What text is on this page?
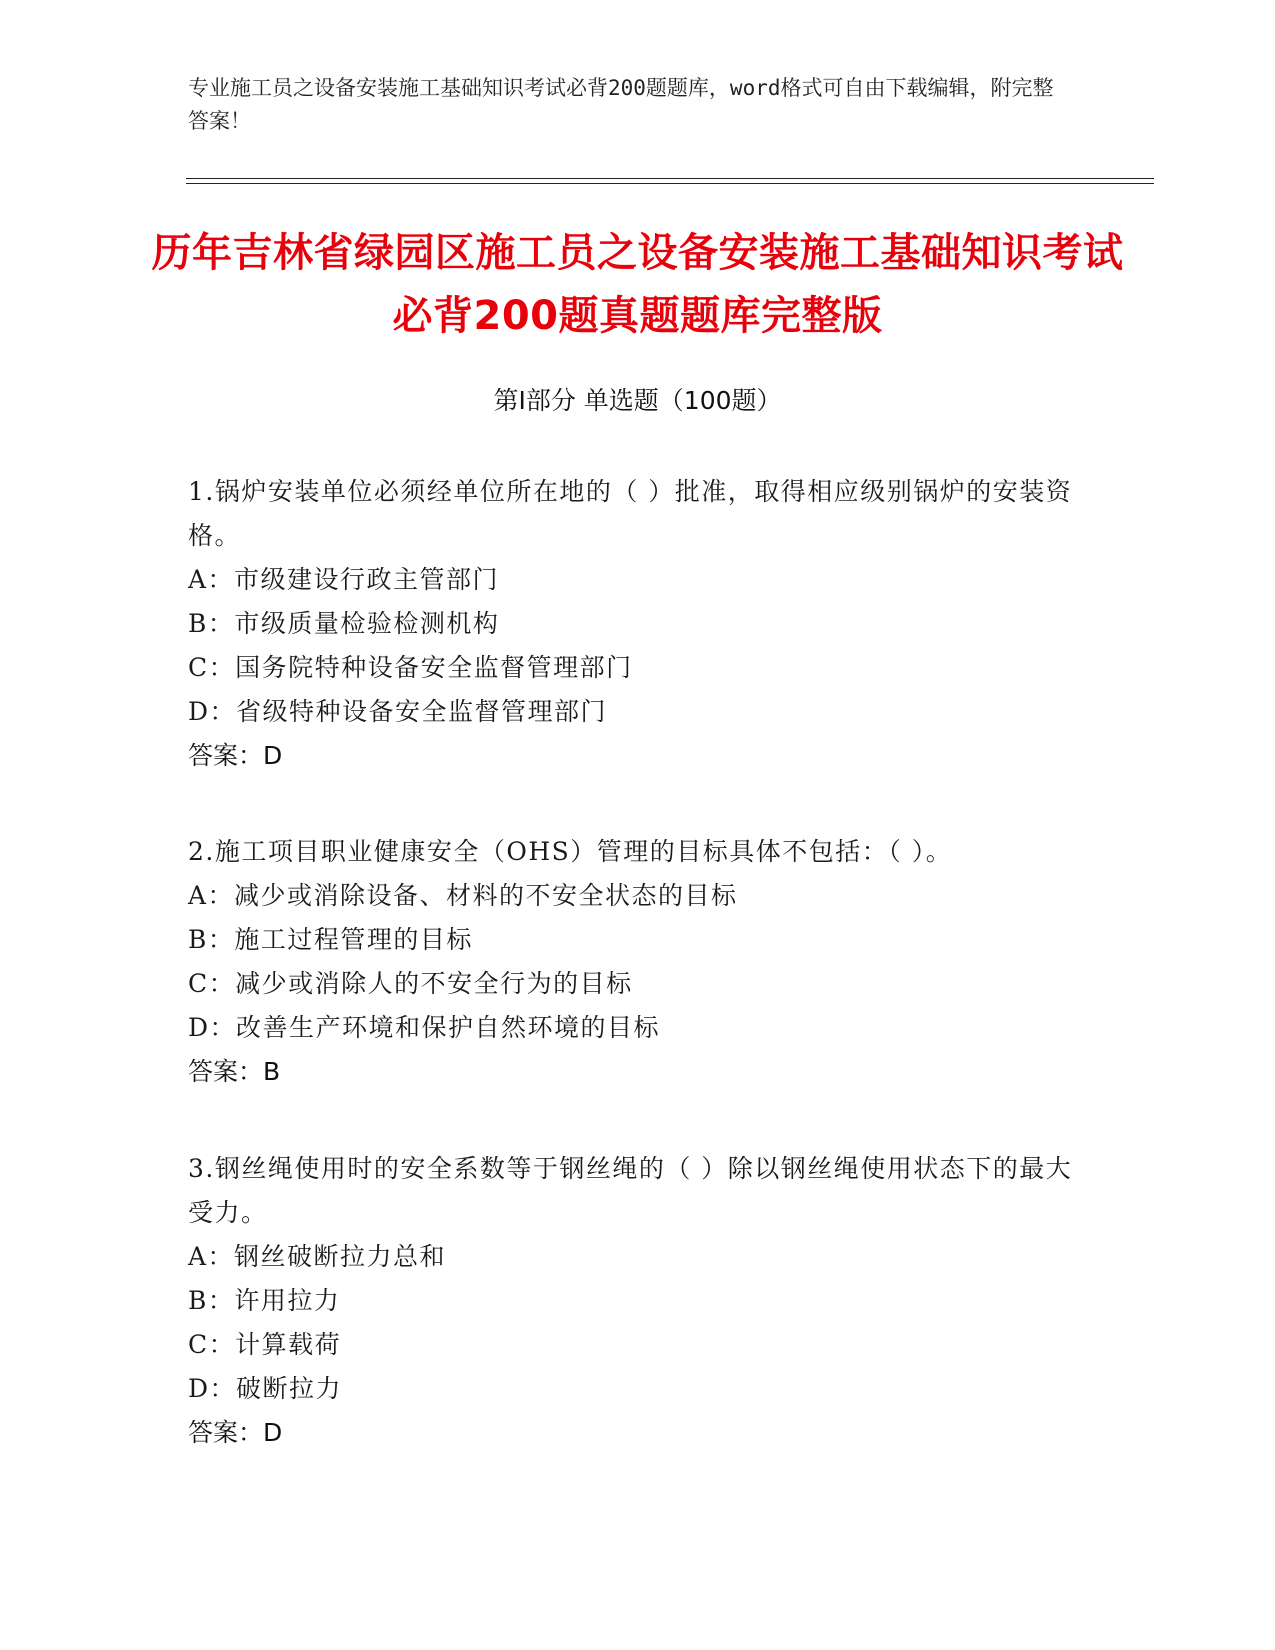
专业施工员之设备安装施工基础知识考试必背200题题库，word格式可自由下载编辑，附完整答案！
历年吉林省绿园区施工员之设备安装施工基础知识考试必背200题真题题库完整版
第Ⅰ部分 单选题（100题）
1.锅炉安装单位必须经单位所在地的（ ）批准，取得相应级别锅炉的安装资格。
A：市级建设行政主管部门
B：市级质量检验检测机构
C：国务院特种设备安全监督管理部门
D：省级特种设备安全监督管理部门
答案：D
2.施工项目职业健康安全（OHS）管理的目标具体不包括：（ ）。
A：减少或消除设备、材料的不安全状态的目标
B：施工过程管理的目标
C：减少或消除人的不安全行为的目标
D：改善生产环境和保护自然环境的目标
答案：B
3.钢丝绳使用时的安全系数等于钢丝绳的（ ）除以钢丝绳使用状态下的最大受力。
A：钢丝破断拉力总和
B：许用拉力
C：计算载荷
D：破断拉力
答案：D
